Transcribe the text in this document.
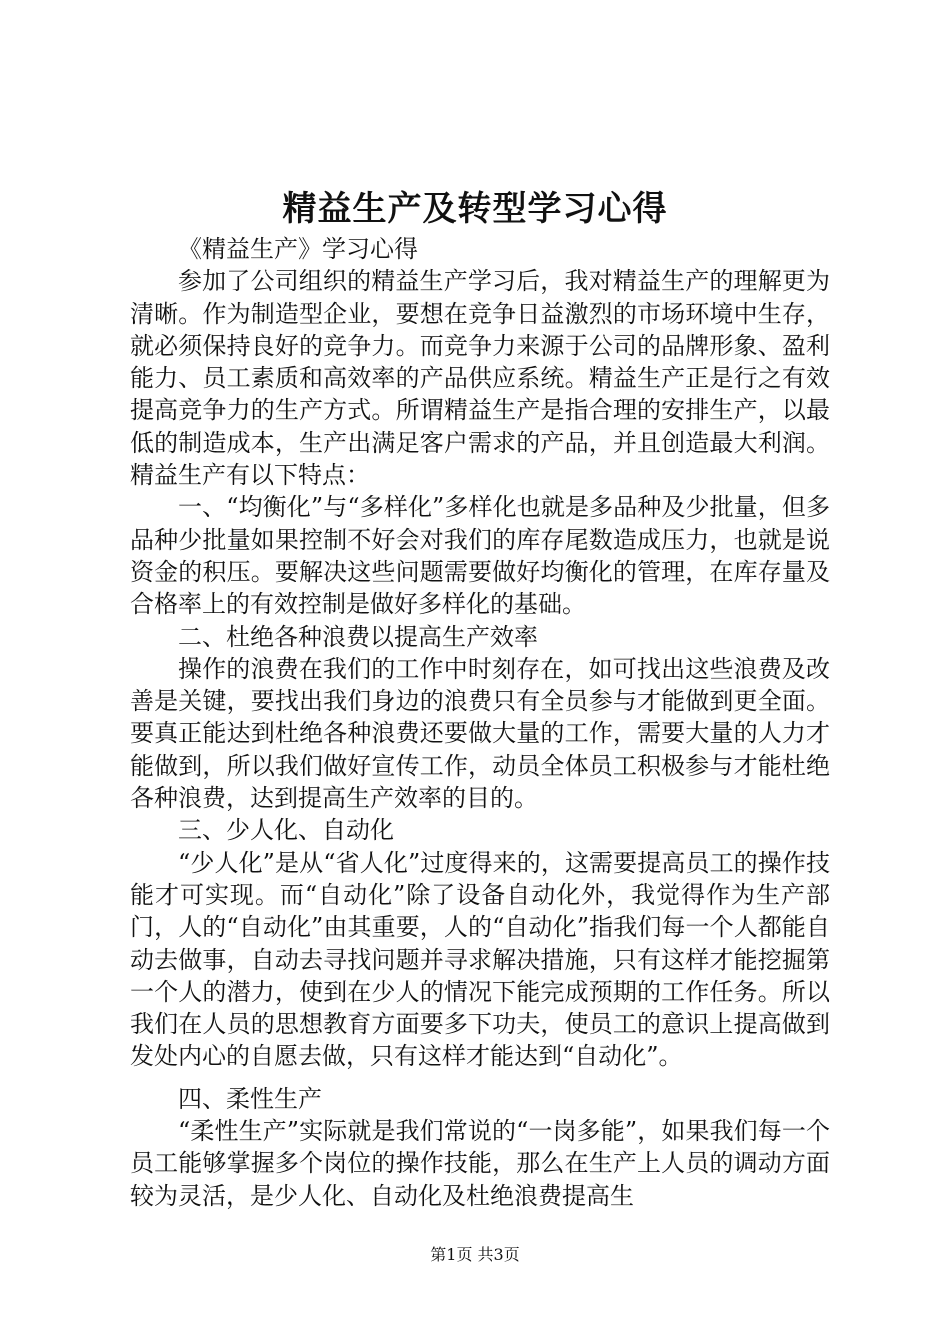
精益生产及转型学习心得

《精益生产》学习心得

参加了公司组织的精益生产学习后，我对精益生产的理解更为清晰。作为制造型企业，要想在竞争日益激烈的市场环境中生存，就必须保持良好的竞争力。而竞争力来源于公司的品牌形象、盈利能力、员工素质和高效率的产品供应系统。精益生产正是行之有效提高竞争力的生产方式。所谓精益生产是指合理的安排生产，以最低的制造成本，生产出满足客户需求的产品，并且创造最大利润。精益生产有以下特点：

一、“均衡化”与“多样化”多样化也就是多品种及少批量，但多品种少批量如果控制不好会对我们的库存尾数造成压力，也就是说资金的积压。要解决这些问题需要做好均衡化的管理，在库存量及合格率上的有效控制是做好多样化的基础。

二、杜绝各种浪费以提高生产效率

操作的浪费在我们的工作中时刻存在，如可找出这些浪费及改善是关键，要找出我们身边的浪费只有全员参与才能做到更全面。要真正能达到杜绝各种浪费还要做大量的工作，需要大量的人力才能做到，所以我们做好宣传工作，动员全体员工积极参与才能杜绝各种浪费，达到提高生产效率的目的。

三、少人化、自动化

“少人化”是从“省人化”过度得来的，这需要提高员工的操作技能才可实现。而“自动化”除了设备自动化外，我觉得作为生产部门，人的“自动化”由其重要，人的“自动化”指我们每一个人都能自动去做事，自动去寻找问题并寻求解决措施，只有这样才能挖掘第一个人的潜力，使到在少人的情况下能完成预期的工作任务。所以我们在人员的思想教育方面要多下功夫，使员工的意识上提高做到发处内心的自愿去做，只有这样才能达到“自动化”。

四、柔性生产

“柔性生产”实际就是我们常说的“一岗多能”，如果我们每一个员工能够掌握多个岗位的操作技能，那么在生产上人员的调动方面较为灵活，是少人化、自动化及杜绝浪费提高生

第1页 共3页
